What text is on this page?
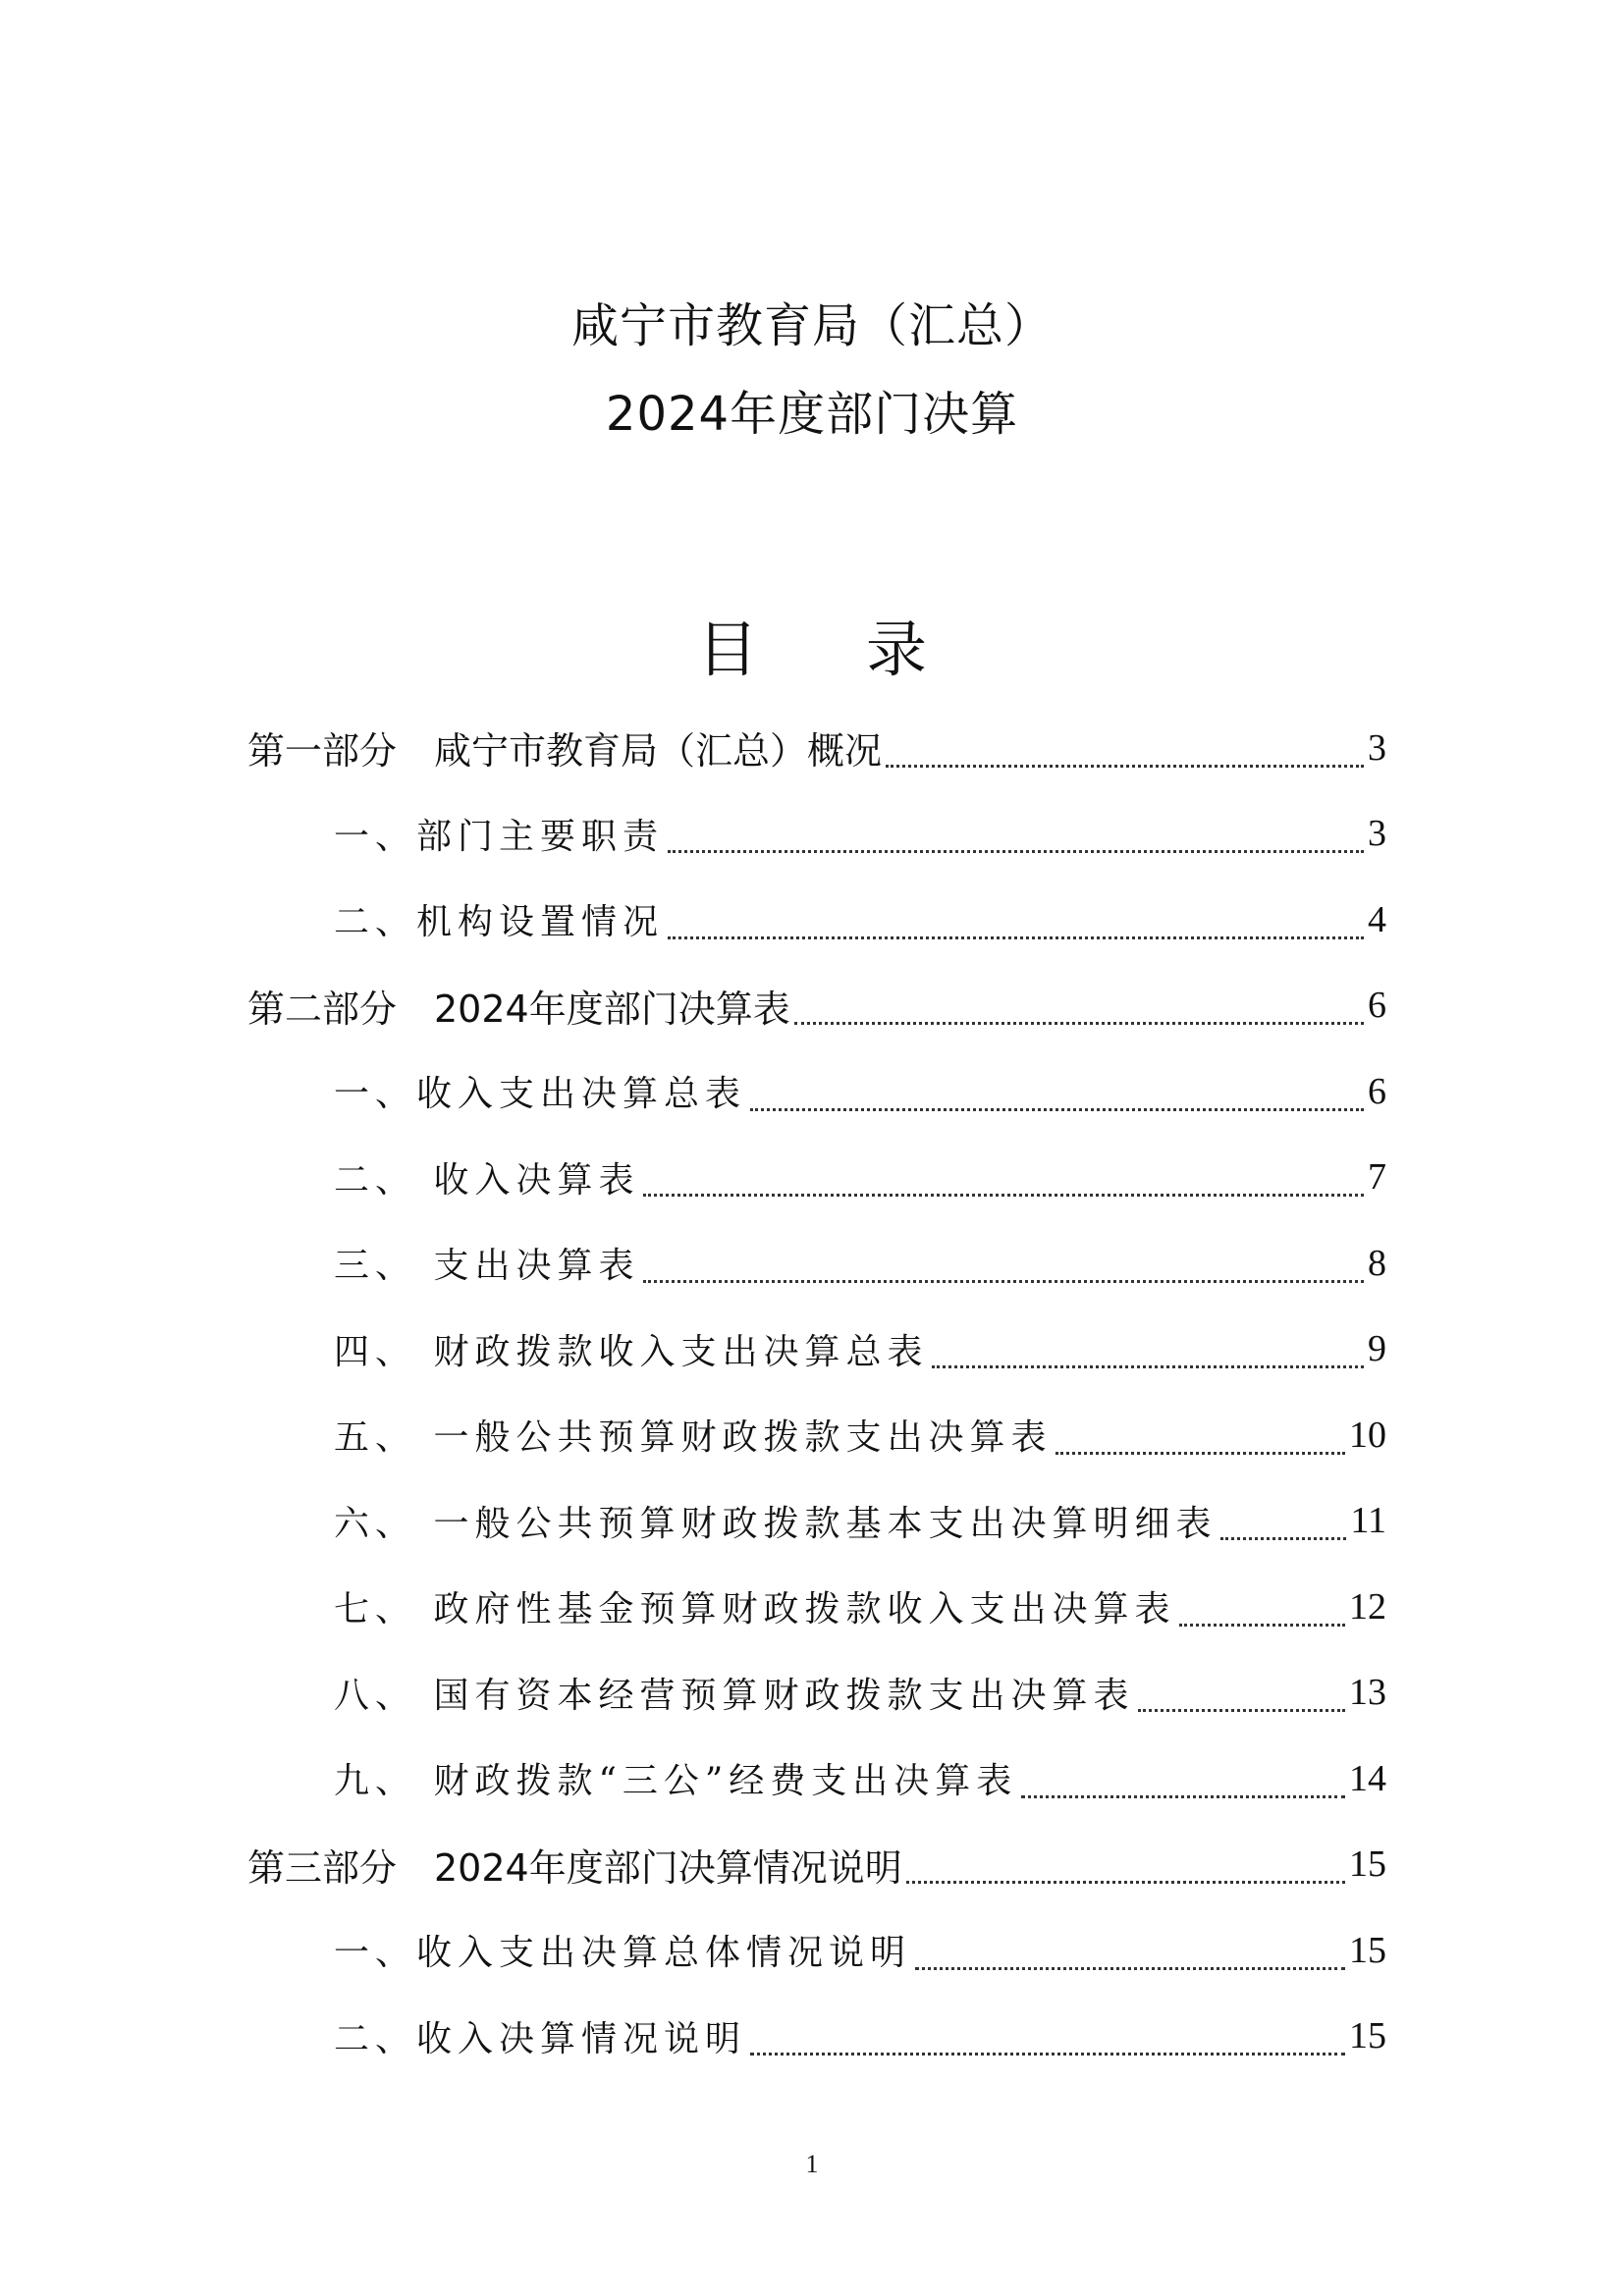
咸宁市教育局（汇总）
2024年度部门决算
目录
第一部分　咸宁市教育局（汇总）概况	3
一、部门主要职责	3
二、机构设置情况	4
第二部分　2024年度部门决算表	6
一、收入支出决算总表	6
二、 收入决算表	7
三、 支出决算表	8
四、 财政拨款收入支出决算总表	9
五、 一般公共预算财政拨款支出决算表	10
六、 一般公共预算财政拨款基本支出决算明细表	11
七、 政府性基金预算财政拨款收入支出决算表	12
八、 国有资本经营预算财政拨款支出决算表	13
九、 财政拨款“三公”经费支出决算表	14
第三部分　2024年度部门决算情况说明	15
一、收入支出决算总体情况说明	15
二、收入决算情况说明	15
1
